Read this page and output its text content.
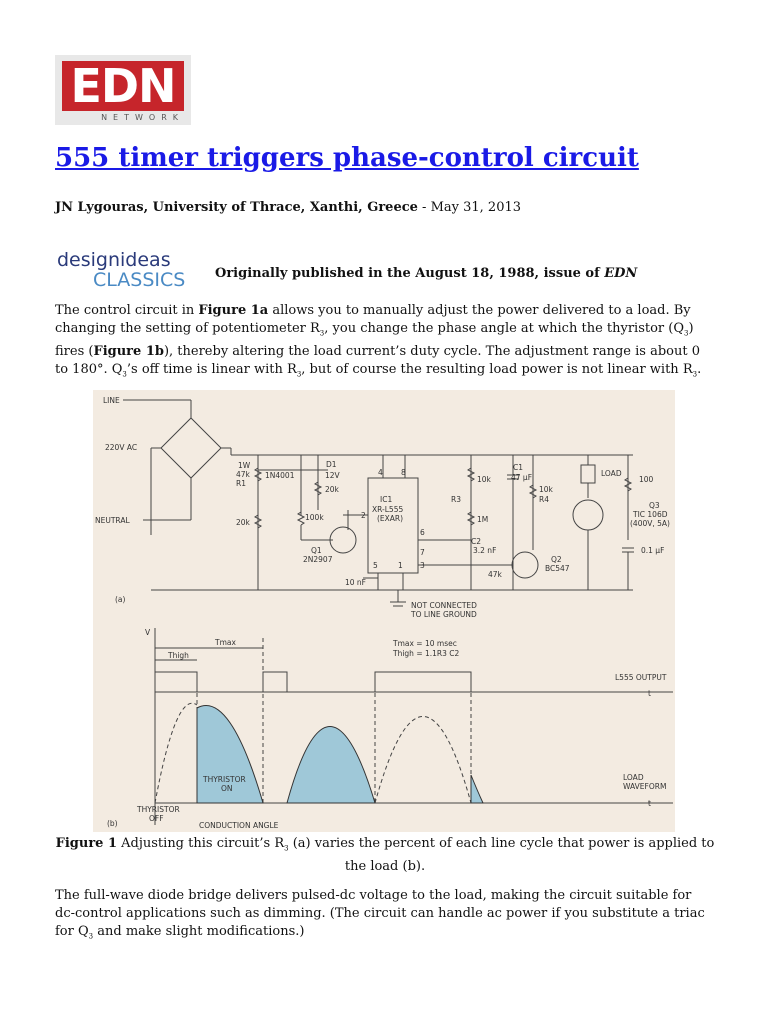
EDN
NETWORK
555 timer triggers phase-control circuit
JN Lygouras, University of Thrace, Xanthi, Greece - May 31, 2013
designideas
CLASSICS	Originally published in the August 18, 1988, issue of EDN

The control circuit in Figure 1a allows you to manually adjust the power delivered to a load. By changing the setting of potentiometer $R_3$, you change the phase angle at which the thyristor $(Q_3)$ fires (Figure 1b), thereby altering the load current’s duty cycle. The adjustment range is about 0 to 180°. $Q_3’s$ off time is linear with $R_3$, but of course the resulting load power is not linear with $R_3$.

LINE
220V AC
NEUTRAL
1W
47k
R1
1N4001
D1
12V
20k
20k
100k
Q1
2N2907
IC1
XR-L555
(EXAR)
4 8
2
6
7
5	1 3
R3
10k
C1
47 µF
1M
10k
R4
C2
3.2 nF
47k
Q2
BC547
LOAD
100
Q3
TIC 106D
(400V, 5A)
0.1 µF
10 nF
NOT CONNECTED
TO LINE GROUND
(a)
V
Thigh
Tmax	Tmax = 10 msec
Thigh = 1.1R3 C2
L555 OUTPUT
t
THYRISTOR
ON
LOAD
WAVEFORM
t
THYRISTOR
OFF
CONDUCTION ANGLE
(b)
Figure 1 Adjusting this circuit’s $R_3$ (a) varies the percent of each line cycle that power is applied to the load (b).

The full-wave diode bridge delivers pulsed-dc voltage to the load, making the circuit suitable for dc-control applications such as dimming. (The circuit can handle ac power if you substitute a triac for $Q_3$ and make slight modifications.)
